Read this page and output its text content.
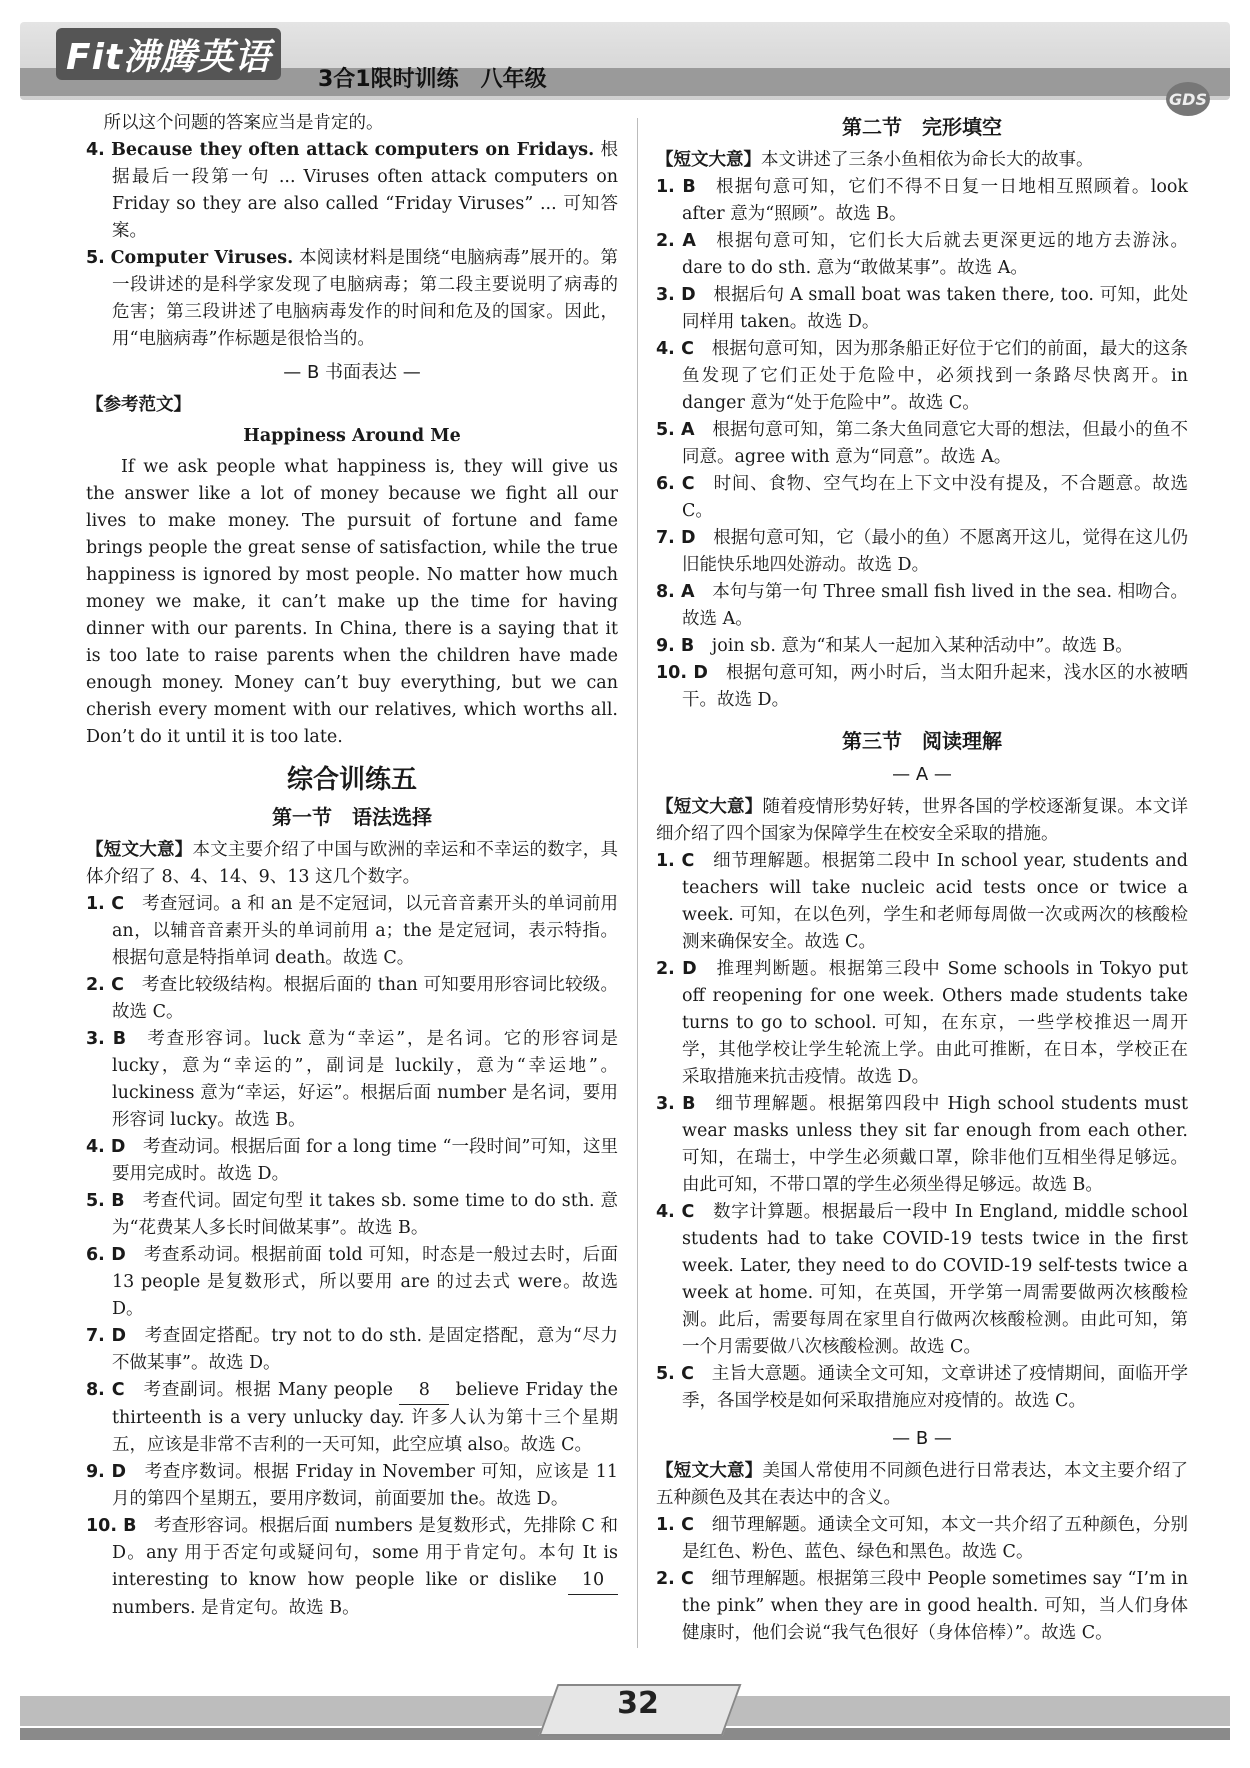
Fit沸腾英语
GDS
3合1限时训练　八年级

所以这个问题的答案应当是肯定的。

4. Because they often attack computers on Fridays. 根据最后一段第一句 ... Viruses often attack computers on Friday so they are also called “Friday Viruses” ... 可知答案。

5. Computer Viruses. 本阅读材料是围绕“电脑病毒”展开的。第一段讲述的是科学家发现了电脑病毒；第二段主要说明了病毒的危害；第三段讲述了电脑病毒发作的时间和危及的国家。因此，用“电脑病毒”作标题是很恰当的。

— B 书面表达 —

【参考范文】

Happiness Around Me

If we ask people what happiness is, they will give us the answer like a lot of money because we fight all our lives to make money. The pursuit of fortune and fame brings people the great sense of satisfaction, while the true happiness is ignored by most people. No matter how much money we make, it can’t make up the time for having dinner with our parents. In China, there is a saying that it is too late to raise parents when the children have made enough money. Money can’t buy everything, but we can cherish every moment with our relatives, which worths all. Don’t do it until it is too late.

综合训练五
第一节　语法选择

【短文大意】本文主要介绍了中国与欧洲的幸运和不幸运的数字，具体介绍了 8、4、14、9、13 这几个数字。

1. C　 考查冠词。a 和 an 是不定冠词，以元音音素开头的单词前用 an，以辅音音素开头的单词前用 a；the 是定冠词，表示特指。根据句意是特指单词 death。故选 C。

2. C　 考查比较级结构。根据后面的 than 可知要用形容词比较级。故选 C。

3. B　 考查形容词。luck 意为“幸运”，是名词。它的形容词是 lucky，意为“幸运的”，副词是 luckily，意为“幸运地”。luckiness 意为“幸运，好运”。根据后面 number 是名词，要用形容词 lucky。故选 B。

4. D　 考查动词。根据后面 for a long time “一段时间”可知，这里要用完成时。故选 D。

5. B　 考查代词。固定句型 it takes sb. some time to do sth. 意为“花费某人多长时间做某事”。故选 B。

6. D　 考查系动词。根据前面 told 可知，时态是一般过去时，后面 13 people 是复数形式，所以要用 are 的过去式 were。故选 D。

7. D　 考查固定搭配。try not to do sth. 是固定搭配，意为“尽力不做某事”。故选 D。

8. C　 考查副词。根据 Many people 8 believe Friday the thirteenth is a very unlucky day. 许多人认为第十三个星期五，应该是非常不吉利的一天可知，此空应填 also。故选 C。

9. D　 考查序数词。根据 Friday in November 可知，应该是 11 月的第四个星期五，要用序数词，前面要加 the。故选 D。

10. B　 考查形容词。根据后面 numbers 是复数形式，先排除 C 和 D。any 用于否定句或疑问句，some 用于肯定句。本句 It is interesting to know how people like or dislike 10 numbers. 是肯定句。故选 B。

第二节　完形填空

【短文大意】本文讲述了三条小鱼相依为命长大的故事。

1. B　 根据句意可知，它们不得不日复一日地相互照顾着。look after 意为“照顾”。故选 B。

2. A　 根据句意可知，它们长大后就去更深更远的地方去游泳。dare to do sth. 意为“敢做某事”。故选 A。

3. D　 根据后句 A small boat was taken there, too. 可知，此处同样用 taken。故选 D。

4. C　 根据句意可知，因为那条船正好位于它们的前面，最大的这条鱼发现了它们正处于危险中，必须找到一条路尽快离开。in danger 意为“处于危险中”。故选 C。

5. A　 根据句意可知，第二条大鱼同意它大哥的想法，但最小的鱼不同意。agree with 意为“同意”。故选 A。

6. C　 时间、食物、空气均在上下文中没有提及，不合题意。故选 C。

7. D　 根据句意可知，它（最小的鱼）不愿离开这儿，觉得在这儿仍旧能快乐地四处游动。故选 D。

8. A　 本句与第一句 Three small fish lived in the sea. 相吻合。故选 A。

9. B　 join sb. 意为“和某人一起加入某种活动中”。故选 B。

10. D　 根据句意可知，两小时后，当太阳升起来，浅水区的水被晒干。故选 D。

第三节　阅读理解
— A —

【短文大意】随着疫情形势好转，世界各国的学校逐渐复课。本文详细介绍了四个国家为保障学生在校安全采取的措施。

1. C　 细节理解题。根据第二段中 In school year, students and teachers will take nucleic acid tests once or twice a week. 可知，在以色列，学生和老师每周做一次或两次的核酸检测来确保安全。故选 C。

2. D　 推理判断题。根据第三段中 Some schools in Tokyo put off reopening for one week. Others made students take turns to go to school. 可知，在东京，一些学校推迟一周开学，其他学校让学生轮流上学。由此可推断，在日本，学校正在采取措施来抗击疫情。故选 D。

3. B　 细节理解题。根据第四段中 High school students must wear masks unless they sit far enough from each other. 可知，在瑞士，中学生必须戴口罩，除非他们互相坐得足够远。由此可知，不带口罩的学生必须坐得足够远。故选 B。

4. C　 数字计算题。根据最后一段中 In England, middle school students had to take COVID-19 tests twice in the first week. Later, they need to do COVID-19 self-tests twice a week at home. 可知，在英国，开学第一周需要做两次核酸检测。此后，需要每周在家里自行做两次核酸检测。由此可知，第一个月需要做八次核酸检测。故选 C。

5. C　 主旨大意题。通读全文可知，文章讲述了疫情期间，面临开学季，各国学校是如何采取措施应对疫情的。故选 C。

— B —

【短文大意】美国人常使用不同颜色进行日常表达，本文主要介绍了五种颜色及其在表达中的含义。

1. C　 细节理解题。通读全文可知，本文一共介绍了五种颜色，分别是红色、粉色、蓝色、绿色和黑色。故选 C。

2. C　 细节理解题。根据第三段中 People sometimes say “I’m in the pink” when they are in good health. 可知，当人们身体健康时，他们会说“我气色很好（身体倍棒）”。故选 C。

32
